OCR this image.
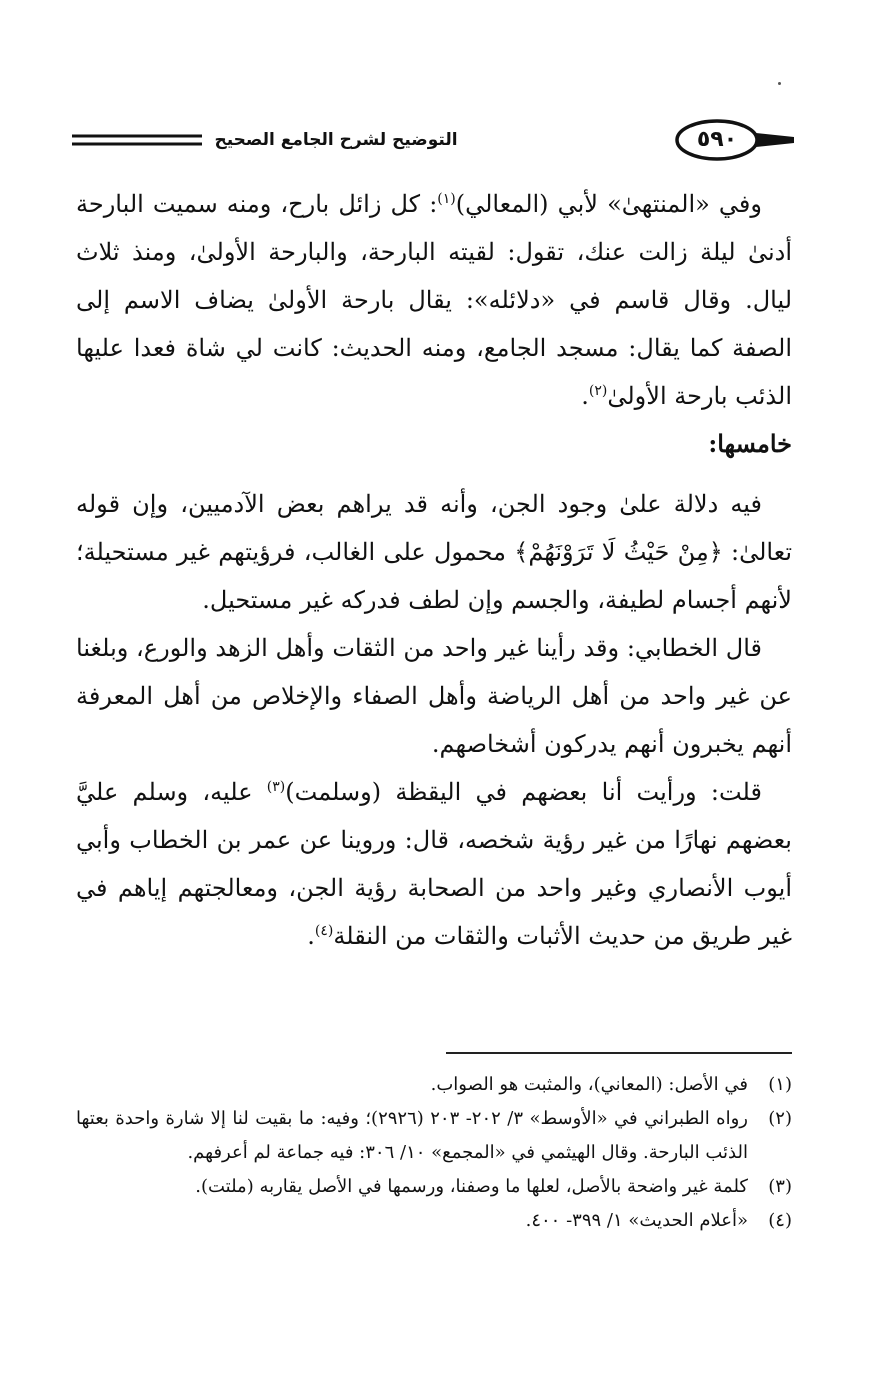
٥٩٠
التوضيح لشرح الجامع الصحيح

وفي «المنتهىٰ» لأبي (المعالي)$^{(١)}$: كل زائل بارح، ومنه سميت البارحة أدنىٰ ليلة زالت عنك، تقول: لقيته البارحة، والبارحة الأولىٰ، ومنذ ثلاث ليال. وقال قاسم في «دلائله»: يقال بارحة الأولىٰ يضاف الاسم إلى الصفة كما يقال: مسجد الجامع، ومنه الحديث: كانت لي شاة فعدا عليها الذئب بارحة الأولىٰ$^{(٢)}$.

خامسها:

فيه دلالة علىٰ وجود الجن، وأنه قد يراهم بعض الآدميين، وإن قوله تعالىٰ: ﴿مِنْ حَيْثُ لَا تَرَوْنَهُمْ﴾ محمول على الغالب، فرؤيتهم غير مستحيلة؛ لأنهم أجسام لطيفة، والجسم وإن لطف فدركه غير مستحيل.

قال الخطابي: وقد رأينا غير واحد من الثقات وأهل الزهد والورع، وبلغنا عن غير واحد من أهل الرياضة وأهل الصفاء والإخلاص من أهل المعرفة أنهم يخبرون أنهم يدركون أشخاصهم.

قلت: ورأيت أنا بعضهم في اليقظة (وسلمت)$^{(٣)}$ عليه، وسلم عليَّ بعضهم نهارًا من غير رؤية شخصه، قال: وروينا عن عمر بن الخطاب وأبي أيوب الأنصاري وغير واحد من الصحابة رؤية الجن، ومعالجتهم إياهم في غير طريق من حديث الأثبات والثقات من النقلة$^{(٤)}$.

(١)
في الأصل: (المعاني)، والمثبت هو الصواب.

(٢)
رواه الطبراني في «الأوسط» ٣/ ٢٠٢- ٢٠٣ (٢٩٢٦)؛ وفيه: ما بقيت لنا إلا شارة واحدة بعتها الذئب البارحة. وقال الهيثمي في «المجمع» ١٠/ ٣٠٦: فيه جماعة لم أعرفهم.

(٣)
كلمة غير واضحة بالأصل، لعلها ما وصفنا، ورسمها في الأصل يقاربه (ملتت).

(٤)
«أعلام الحديث» ١/ ٣٩٩- ٤٠٠.
